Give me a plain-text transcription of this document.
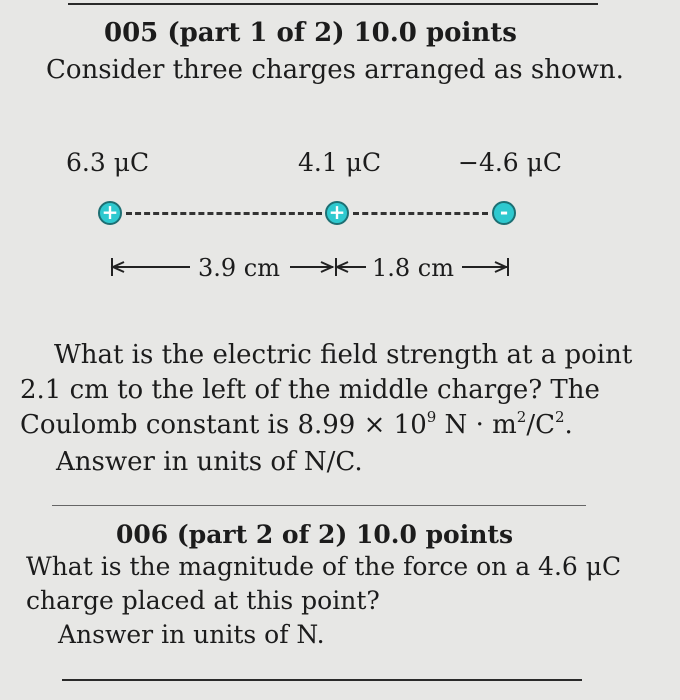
005 (part 1 of 2) 10.0 points
Consider three charges arranged as shown.
6.3 μC	4.1 μC	−4.6 μC
+	+	-
3.9 cm	1.8 cm
What is the electric field strength at a point
2.1 cm to the left of the middle charge? The
Coulomb constant is $8.99 \times 10^9$ $N \cdot m^2/C^2$.
Answer in units of N/C.
006 (part 2 of 2) 10.0 points
What is the magnitude of the force on a 4.6 μC
charge placed at this point?
Answer in units of N.
